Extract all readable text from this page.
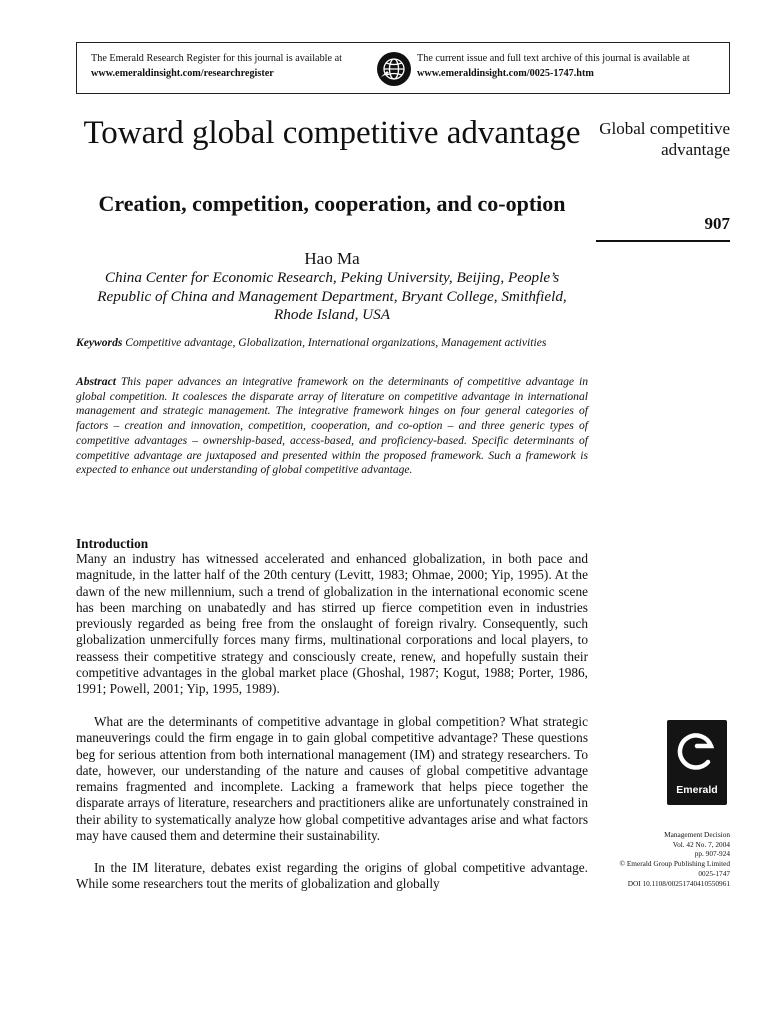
The Emerald Research Register for this journal is available at
www.emeraldinsight.com/researchregister
The current issue and full text archive of this journal is available at
www.emeraldinsight.com/0025-1747.htm
Toward global competitive advantage
Creation, competition, cooperation, and co-option
Hao Ma
China Center for Economic Research, Peking University, Beijing, People’s Republic of China and Management Department, Bryant College, Smithfield, Rhode Island, USA
Keywords Competitive advantage, Globalization, International organizations, Management activities
Abstract This paper advances an integrative framework on the determinants of competitive advantage in global competition. It coalesces the disparate array of literature on competitive advantage in international management and strategic management. The integrative framework hinges on four general categories of factors – creation and innovation, competition, cooperation, and co-option – and three generic types of competitive advantages – ownership-based, access-based, and proficiency-based. Specific determinants of competitive advantage are juxtaposed and presented within the proposed framework. Such a framework is expected to enhance out understanding of global competitive advantage.
Introduction
Many an industry has witnessed accelerated and enhanced globalization, in both pace and magnitude, in the latter half of the 20th century (Levitt, 1983; Ohmae, 2000; Yip, 1995). At the dawn of the new millennium, such a trend of globalization in the international economic scene has been marching on unabatedly and has stirred up fierce competition even in industries previously regarded as being free from the onslaught of foreign rivalry. Consequently, such globalization unmercifully forces many firms, multinational corporations and local players, to reassess their competitive strategy and consciously create, renew, and hopefully sustain their competitive advantages in the global market place (Ghoshal, 1987; Kogut, 1988; Porter, 1986, 1991; Powell, 2001; Yip, 1995, 1989).
What are the determinants of competitive advantage in global competition? What strategic maneuverings could the firm engage in to gain global competitive advantage? These questions beg for serious attention from both international management (IM) and strategy researchers. To date, however, our understanding of the nature and causes of global competitive advantage remains fragmented and incomplete. Lacking a framework that helps piece together the disparate arrays of literature, researchers and practitioners alike are unfortunately constrained in their ability to systematically analyze how global competitive advantages arise and what factors may have caused them and determine their sustainability.
In the IM literature, debates exist regarding the origins of global competitive advantage. While some researchers tout the merits of globalization and globally
Global competitive advantage
907
Emerald
Management Decision
Vol. 42 No. 7, 2004
pp. 907-924
© Emerald Group Publishing Limited
0025-1747
DOI 10.1108/00251740410550961
